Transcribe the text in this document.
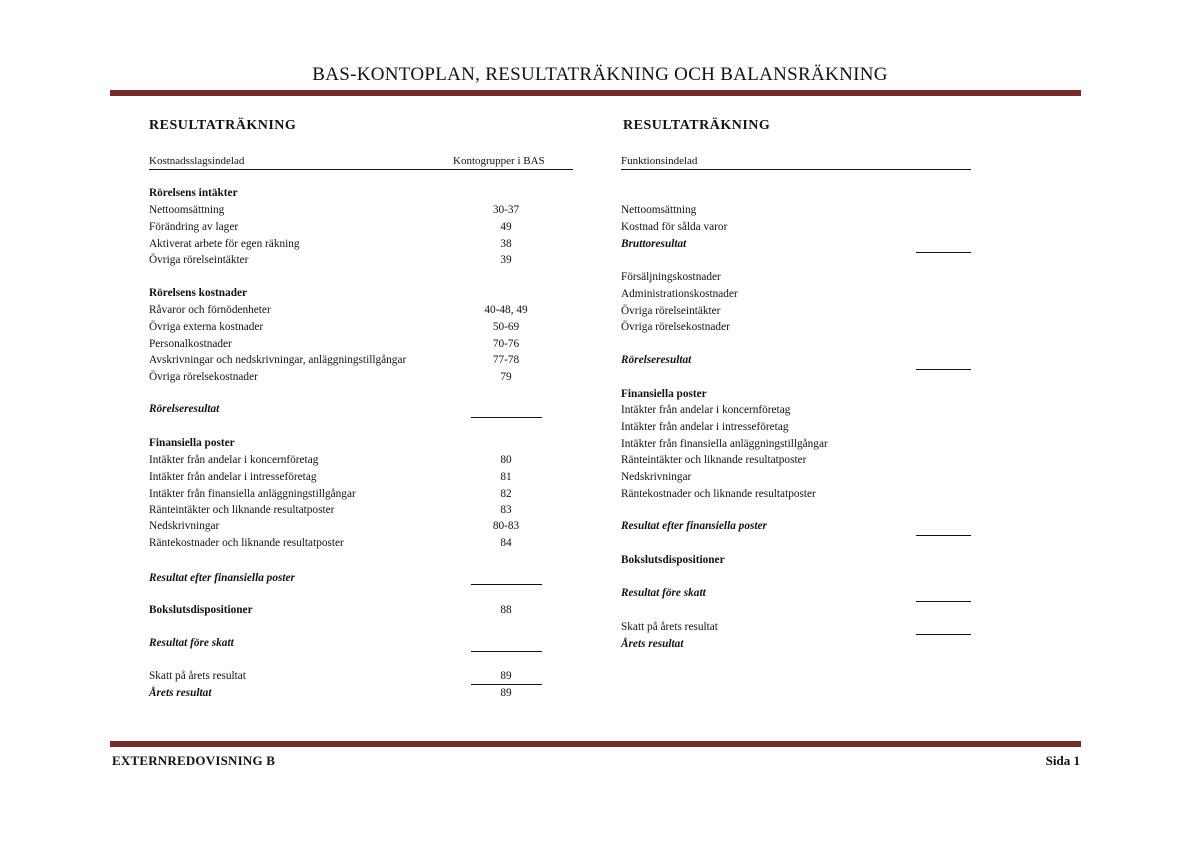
BAS-KONTOPLAN, RESULTATRÄKNING OCH BALANSRÄKNING
RESULTATRÄKNING
Kostnadsslagsindelad	Kontogrupper i BAS
Rörelsens intäkter
Nettoomsättning	30-37
Förändring av lager	49
Aktiverat arbete för egen räkning	38
Övriga rörelseintäkter	39
Rörelsens kostnader
Råvaror och förnödenheter	40-48, 49
Övriga externa kostnader	50-69
Personalkostnader	70-76
Avskrivningar och nedskrivningar, anläggningstillgångar	77-78
Övriga rörelsekostnader	79
Rörelseresultat
Finansiella poster
Intäkter från andelar i koncernföretag	80
Intäkter från andelar i intresseföretag	81
Intäkter från finansiella anläggningstillgångar	82
Ränteintäkter och liknande resultatposter	83
Nedskrivningar	80-83
Räntekostnader och liknande resultatposter	84
Resultat efter finansiella poster
Bokslutsdispositioner	88
Resultat före skatt
Skatt på årets resultat	89
Årets resultat	89
RESULTATRÄKNING
Funktionsindelad
Nettoomsättning
Kostnad för sålda varor
Bruttoresultat
Försäljningskostnader
Administrationskostnader
Övriga rörelseintäkter
Övriga rörelsekostnader
Rörelseresultat
Finansiella poster
Intäkter från andelar i koncernföretag
Intäkter från andelar i intresseföretag
Intäkter från finansiella anläggningstillgångar
Ränteintäkter och liknande resultatposter
Nedskrivningar
Räntekostnader och liknande resultatposter
Resultat efter finansiella poster
Bokslutsdispositioner
Resultat före skatt
Skatt på årets resultat
Årets resultat
EXTERNREDOVISNING B	Sida 1
